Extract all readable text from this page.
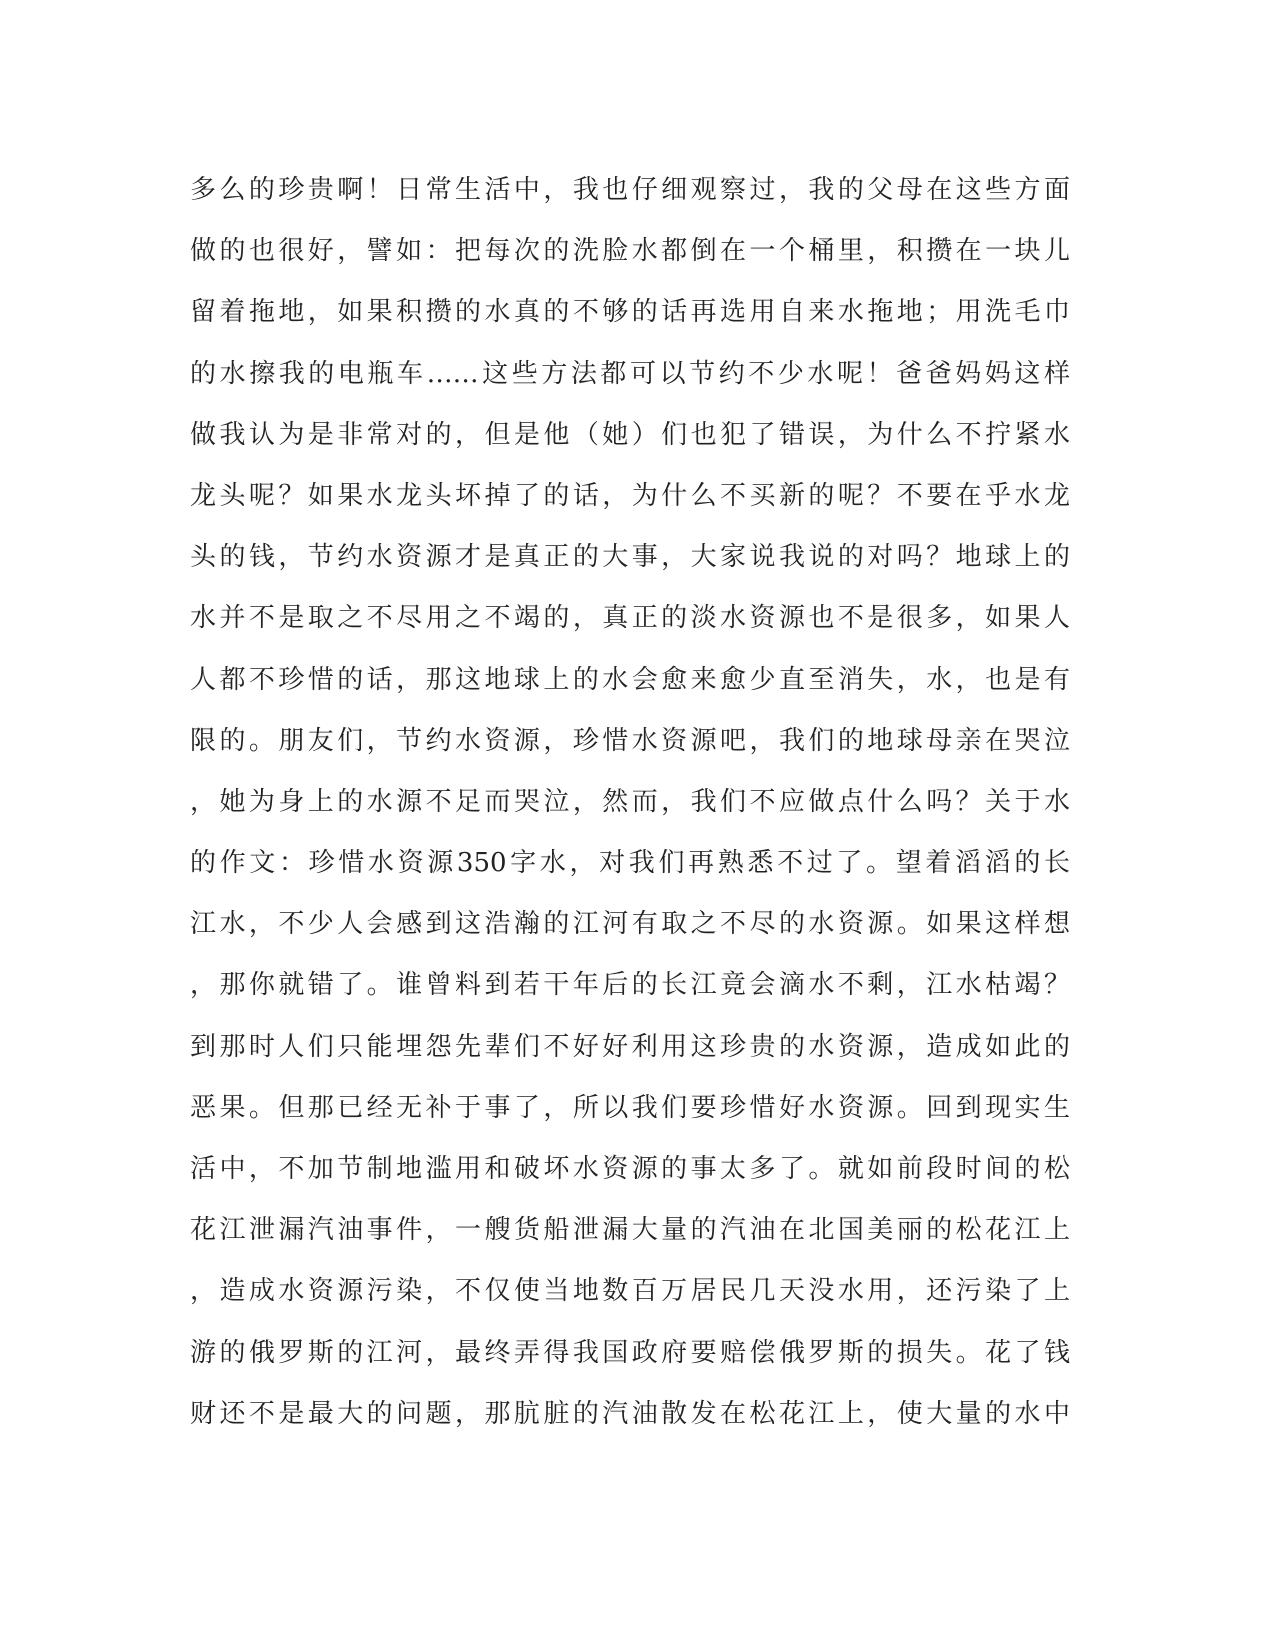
多么的珍贵啊！日常生活中，我也仔细观察过，我的父母在这些方面
做的也很好，譬如：把每次的洗脸水都倒在一个桶里，积攒在一块儿
留着拖地，如果积攒的水真的不够的话再选用自来水拖地；用洗毛巾
的水擦我的电瓶车……这些方法都可以节约不少水呢！爸爸妈妈这样
做我认为是非常对的，但是他（她）们也犯了错误，为什么不拧紧水
龙头呢？如果水龙头坏掉了的话，为什么不买新的呢？不要在乎水龙
头的钱，节约水资源才是真正的大事，大家说我说的对吗？地球上的
水并不是取之不尽用之不竭的，真正的淡水资源也不是很多，如果人
人都不珍惜的话，那这地球上的水会愈来愈少直至消失，水，也是有
限的。朋友们，节约水资源，珍惜水资源吧，我们的地球母亲在哭泣
，她为身上的水源不足而哭泣，然而，我们不应做点什么吗？关于水
的作文：珍惜水资源350字水，对我们再熟悉不过了。望着滔滔的长
江水，不少人会感到这浩瀚的江河有取之不尽的水资源。如果这样想
，那你就错了。谁曾料到若干年后的长江竟会滴水不剩，江水枯竭？
到那时人们只能埋怨先辈们不好好利用这珍贵的水资源，造成如此的
恶果。但那已经无补于事了，所以我们要珍惜好水资源。回到现实生
活中，不加节制地滥用和破坏水资源的事太多了。就如前段时间的松
花江泄漏汽油事件，一艘货船泄漏大量的汽油在北国美丽的松花江上
，造成水资源污染，不仅使当地数百万居民几天没水用，还污染了上
游的俄罗斯的江河，最终弄得我国政府要赔偿俄罗斯的损失。花了钱
财还不是最大的问题，那肮脏的汽油散发在松花江上，使大量的水中
